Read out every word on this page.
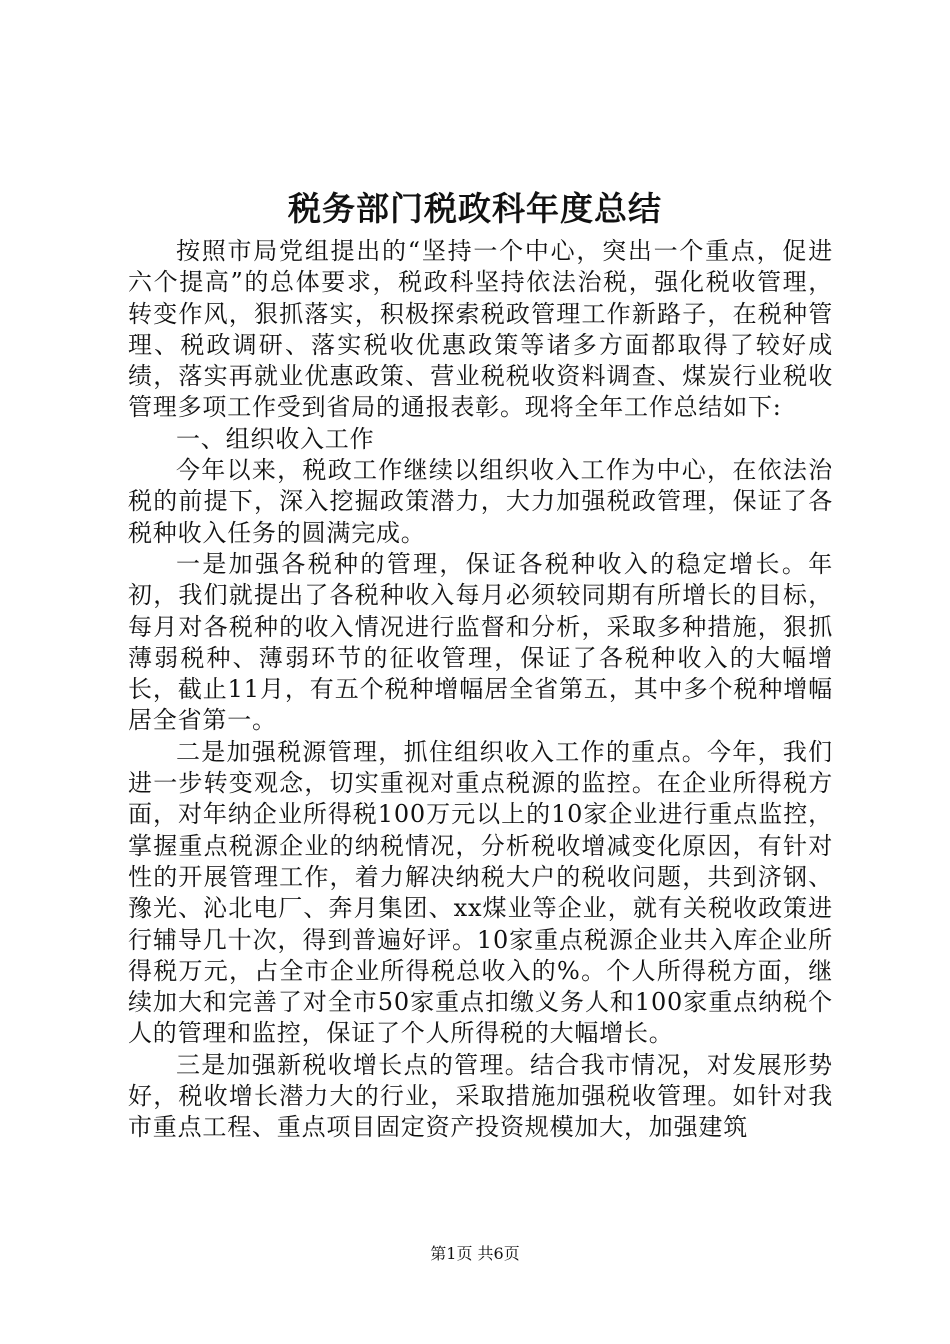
税务部门税政科年度总结

按照市局党组提出的“坚持一个中心，突出一个重点，促进六个提高”的总体要求，税政科坚持依法治税，强化税收管理，转变作风，狠抓落实，积极探索税政管理工作新路子，在税种管理、税政调研、落实税收优惠政策等诸多方面都取得了较好成绩，落实再就业优惠政策、营业税税收资料调查、煤炭行业税收管理多项工作受到省局的通报表彰。现将全年工作总结如下:

一、组织收入工作

今年以来，税政工作继续以组织收入工作为中心，在依法治税的前提下，深入挖掘政策潜力，大力加强税政管理，保证了各税种收入任务的圆满完成。

一是加强各税种的管理，保证各税种收入的稳定增长。年初，我们就提出了各税种收入每月必须较同期有所增长的目标，每月对各税种的收入情况进行监督和分析，采取多种措施，狠抓薄弱税种、薄弱环节的征收管理，保证了各税种收入的大幅增长，截止11月，有五个税种增幅居全省第五，其中多个税种增幅居全省第一。

二是加强税源管理，抓住组织收入工作的重点。今年，我们进一步转变观念，切实重视对重点税源的监控。在企业所得税方面，对年纳企业所得税100万元以上的10家企业进行重点监控，掌握重点税源企业的纳税情况，分析税收增减变化原因，有针对性的开展管理工作，着力解决纳税大户的税收问题，共到济钢、豫光、沁北电厂、奔月集团、xx煤业等企业，就有关税收政策进行辅导几十次，得到普遍好评。10家重点税源企业共入库企业所得税万元，占全市企业所得税总收入的%。个人所得税方面，继续加大和完善了对全市50家重点扣缴义务人和100家重点纳税个人的管理和监控，保证了个人所得税的大幅增长。

三是加强新税收增长点的管理。结合我市情况，对发展形势好，税收增长潜力大的行业，采取措施加强税收管理。如针对我市重点工程、重点项目固定资产投资规模加大，加强建筑

第1页 共6页
